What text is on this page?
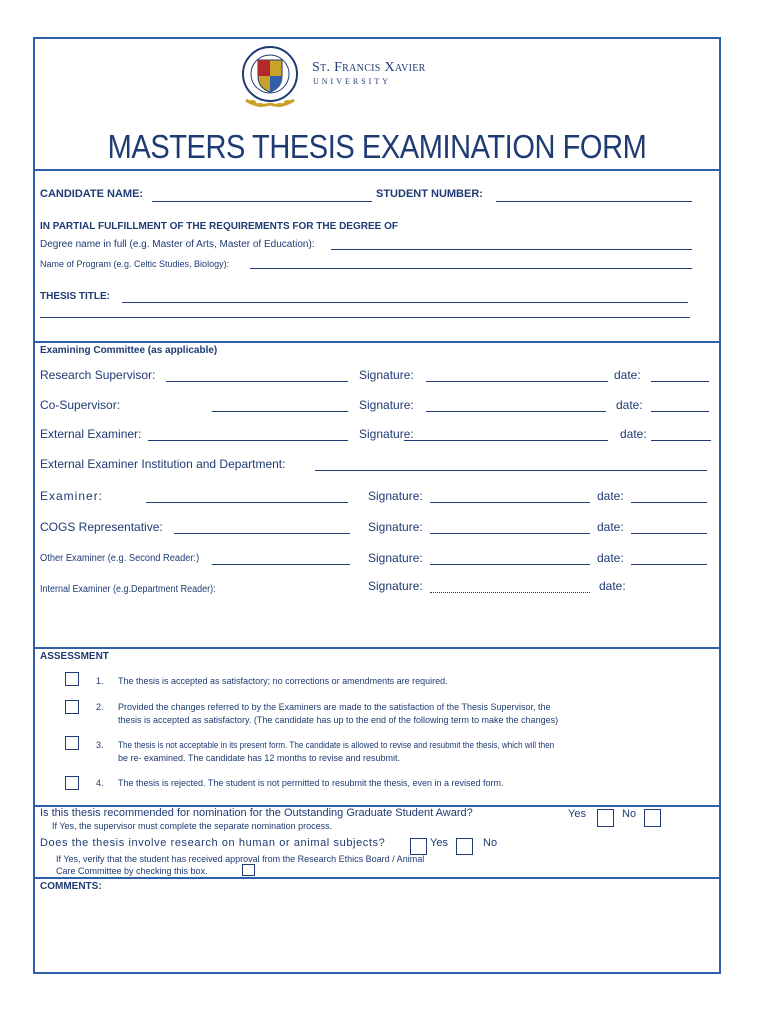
St. Francis Xavier
UNIVERSITY
MASTERS THESIS EXAMINATION FORM
CANDIDATE NAME:	STUDENT NUMBER:
IN PARTIAL FULFILLMENT OF THE REQUIREMENTS FOR THE DEGREE OF
Degree name in full (e.g. Master of Arts, Master of Education):
Name of Program (e.g. Celtic Studies, Biology):
THESIS TITLE:
Examining Committee (as applicable)
Research Supervisor:	Signature:	date:
Co-Supervisor:	Signature:	date:
External Examiner:	Signature:	date:
External Examiner Institution and Department:
Examiner:	Signature:	date:
COGS Representative:	Signature:	date:
Other Examiner (e.g. Second Reader:)	Signature:	date:
Internal Examiner (e.g.Department Reader):	Signature:	date:
ASSESSMENT
1. The thesis is accepted as satisfactory; no corrections or amendments are required.
2. Provided the changes referred to by the Examiners are made to the satisfaction of the Thesis Supervisor, the
thesis is accepted as satisfactory. (The candidate has up to the end of the following term to make the changes)
3. The thesis is not acceptable in its present form. The candidate is allowed to revise and resubmit the thesis, which will then
be re- examined. The candidate has 12 months to revise and resubmit.
4. The thesis is rejected. The student is not permitted to resubmit the thesis, even in a revised form.
Is this thesis recommended for nomination for the Outstanding Graduate Student Award?
If Yes, the supervisor must complete the separate nomination process.
Yes	No
Does the thesis involve research on human or animal subjects?	Yes	No
If Yes, verify that the student has received approval from the Research Ethics Board / Animal
Care Committee by checking this box.
COMMENTS:
